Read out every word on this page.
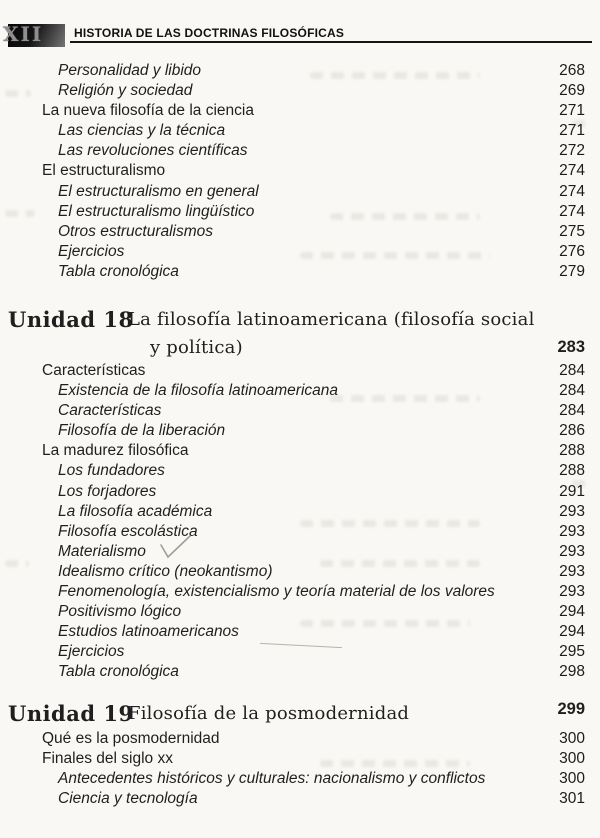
XII	HISTORIA DE LAS DOCTRINAS FILOSÓFICAS
Personalidad y libido	268
Religión y sociedad	269
La nueva filosofía de la ciencia	271
Las ciencias y la técnica	271
Las revoluciones científicas	272
El estructuralismo	274
El estructuralismo en general	274
El estructuralismo lingüístico	274
Otros estructuralismos	275
Ejercicios	276
Tabla cronológica	279
Unidad 18
La filosofía latinoamericana (filosofía social
y política)	283
Características	284
Existencia de la filosofía latinoamericana	284
Características	284
Filosofía de la liberación	286
La madurez filosófica	288
Los fundadores	288
Los forjadores	291
La filosofía académica	293
Filosofía escolástica	293
Materialismo	293
Idealismo crítico (neokantismo)	293
Fenomenología, existencialismo y teoría material de los valores	293
Positivismo lógico	294
Estudios latinoamericanos	294
Ejercicios	295
Tabla cronológica	298
Unidad 19
Filosofía de la posmodernidad	299
Qué es la posmodernidad	300
Finales del siglo xx	300
Antecedentes históricos y culturales: nacionalismo y conflictos	300
Ciencia y tecnología	301
